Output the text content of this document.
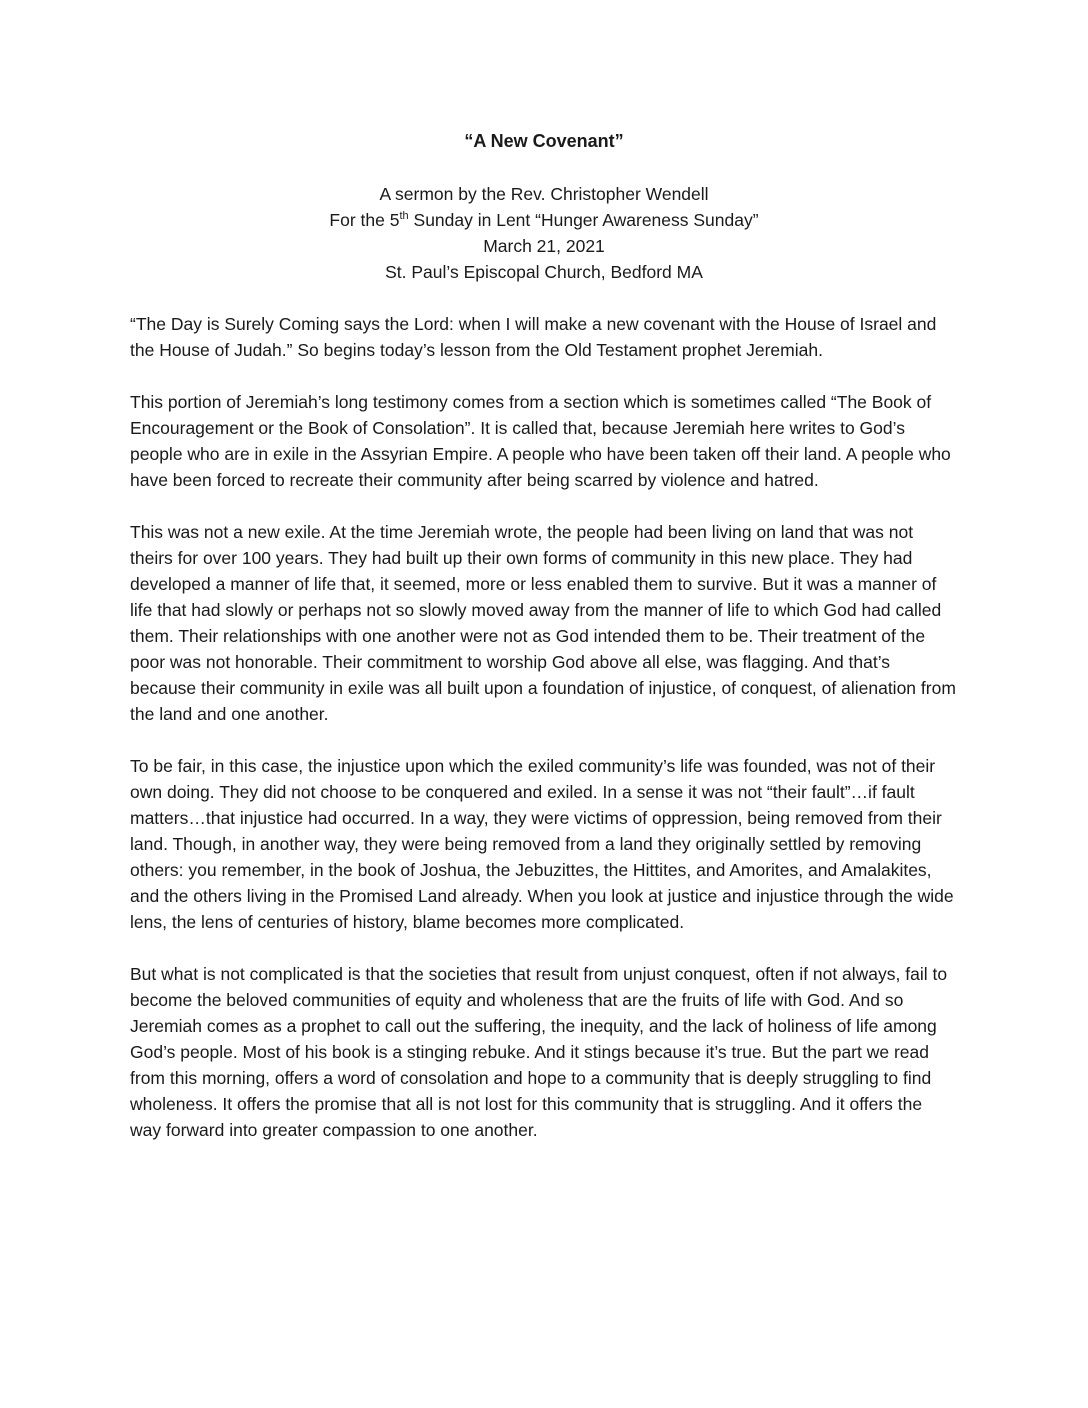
“A New Covenant”

A sermon by the Rev. Christopher Wendell

For the 5th Sunday in Lent “Hunger Awareness Sunday”

March 21, 2021

St. Paul’s Episcopal Church, Bedford MA

“The Day is Surely Coming says the Lord: when I will make a new covenant with the House of Israel and the House of Judah.” So begins today’s lesson from the Old Testament prophet Jeremiah.

This portion of Jeremiah’s long testimony comes from a section which is sometimes called “The Book of Encouragement or the Book of Consolation”. It is called that, because Jeremiah here writes to God’s people who are in exile in the Assyrian Empire. A people who have been taken off their land. A people who have been forced to recreate their community after being scarred by violence and hatred.

This was not a new exile. At the time Jeremiah wrote, the people had been living on land that was not theirs for over 100 years. They had built up their own forms of community in this new place. They had developed a manner of life that, it seemed, more or less enabled them to survive. But it was a manner of life that had slowly or perhaps not so slowly moved away from the manner of life to which God had called them. Their relationships with one another were not as God intended them to be. Their treatment of the poor was not honorable. Their commitment to worship God above all else, was flagging. And that’s because their community in exile was all built upon a foundation of injustice, of conquest, of alienation from the land and one another.

To be fair, in this case, the injustice upon which the exiled community’s life was founded, was not of their own doing. They did not choose to be conquered and exiled. In a sense it was not “their fault”…if fault matters…that injustice had occurred. In a way, they were victims of oppression, being removed from their land. Though, in another way, they were being removed from a land they originally settled by removing others: you remember, in the book of Joshua, the Jebuzittes, the Hittites, and Amorites, and Amalakites, and the others living in the Promised Land already. When you look at justice and injustice through the wide lens, the lens of centuries of history, blame becomes more complicated.

But what is not complicated is that the societies that result from unjust conquest, often if not always, fail to become the beloved communities of equity and wholeness that are the fruits of life with God. And so Jeremiah comes as a prophet to call out the suffering, the inequity, and the lack of holiness of life among God’s people. Most of his book is a stinging rebuke. And it stings because it’s true. But the part we read from this morning, offers a word of consolation and hope to a community that is deeply struggling to find wholeness. It offers the promise that all is not lost for this community that is struggling. And it offers the way forward into greater compassion to one another.
